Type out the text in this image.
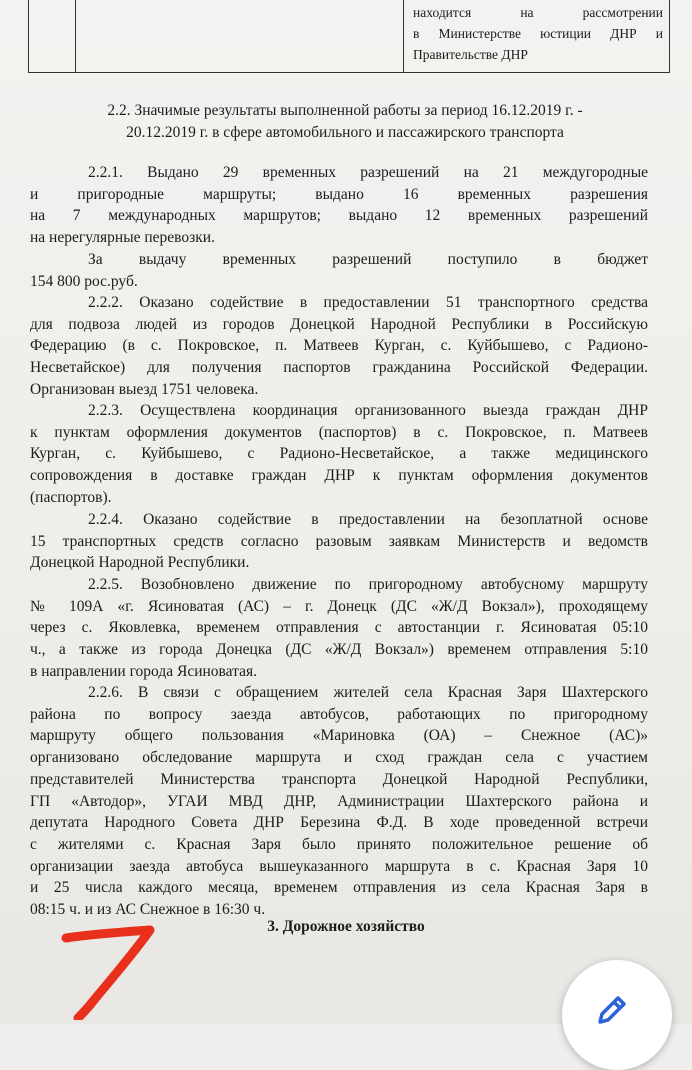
находится на рассмотрении
в Министерстве юстиции ДНР и
Правительстве ДНР
2.2. Значимые результаты выполненной работы за период 16.12.2019 г. -
20.12.2019 г. в сфере автомобильного и пассажирского транспорта
2.2.1. Выдано 29 временных разрешений на 21 междугородные
и пригородные маршруты; выдано 16 временных разрешения
на 7 международных маршрутов; выдано 12 временных разрешений
на нерегулярные перевозки.
За выдачу временных разрешений поступило в бюджет
154 800 рос.руб.
2.2.2. Оказано содействие в предоставлении 51 транспортного средства
для подвоза людей из городов Донецкой Народной Республики в Российскую
Федерацию (в с. Покровское, п. Матвеев Курган, с. Куйбышево, с Радионо-
Несветайское) для получения паспортов гражданина Российской Федерации.
Организован выезд 1751 человека.
2.2.3. Осуществлена координация организованного выезда граждан ДНР
к пунктам оформления документов (паспортов) в с. Покровское, п. Матвеев
Курган, с. Куйбышево, с Радионо-Несветайское, а также медицинского
сопровождения в доставке граждан ДНР к пунктам оформления документов
(паспортов).
2.2.4. Оказано содействие в предоставлении на безоплатной основе
15 транспортных средств согласно разовым заявкам Министерств и ведомств
Донецкой Народной Республики.
2.2.5. Возобновлено движение по пригородному автобусному маршруту
№ 109А «г. Ясиноватая (АС) – г. Донецк (ДС «Ж/Д Вокзал»), проходящему
через с. Яковлевка, временем отправления с автостанции г. Ясиноватая 05:10
ч., а также из города Донецка (ДС «Ж/Д Вокзал») временем отправления 5:10
в направлении города Ясиноватая.
2.2.6. В связи с обращением жителей села Красная Заря Шахтерского
района по вопросу заезда автобусов, работающих по пригородному
маршруту общего пользования «Мариновка (ОА) – Снежное (АС)»
организовано обследование маршрута и сход граждан села с участием
представителей Министерства транспорта Донецкой Народной Республики,
ГП «Автодор», УГАИ МВД ДНР, Администрации Шахтерского района и
депутата Народного Совета ДНР Березина Ф.Д. В ходе проведенной встречи
с жителями с. Красная Заря было принято положительное решение об
организации заезда автобуса вышеуказанного маршрута в с. Красная Заря 10
и 25 числа каждого месяца, временем отправления из села Красная Заря в
08:15 ч. и из АС Снежное в 16:30 ч.
3. Дорожное хозяйство
